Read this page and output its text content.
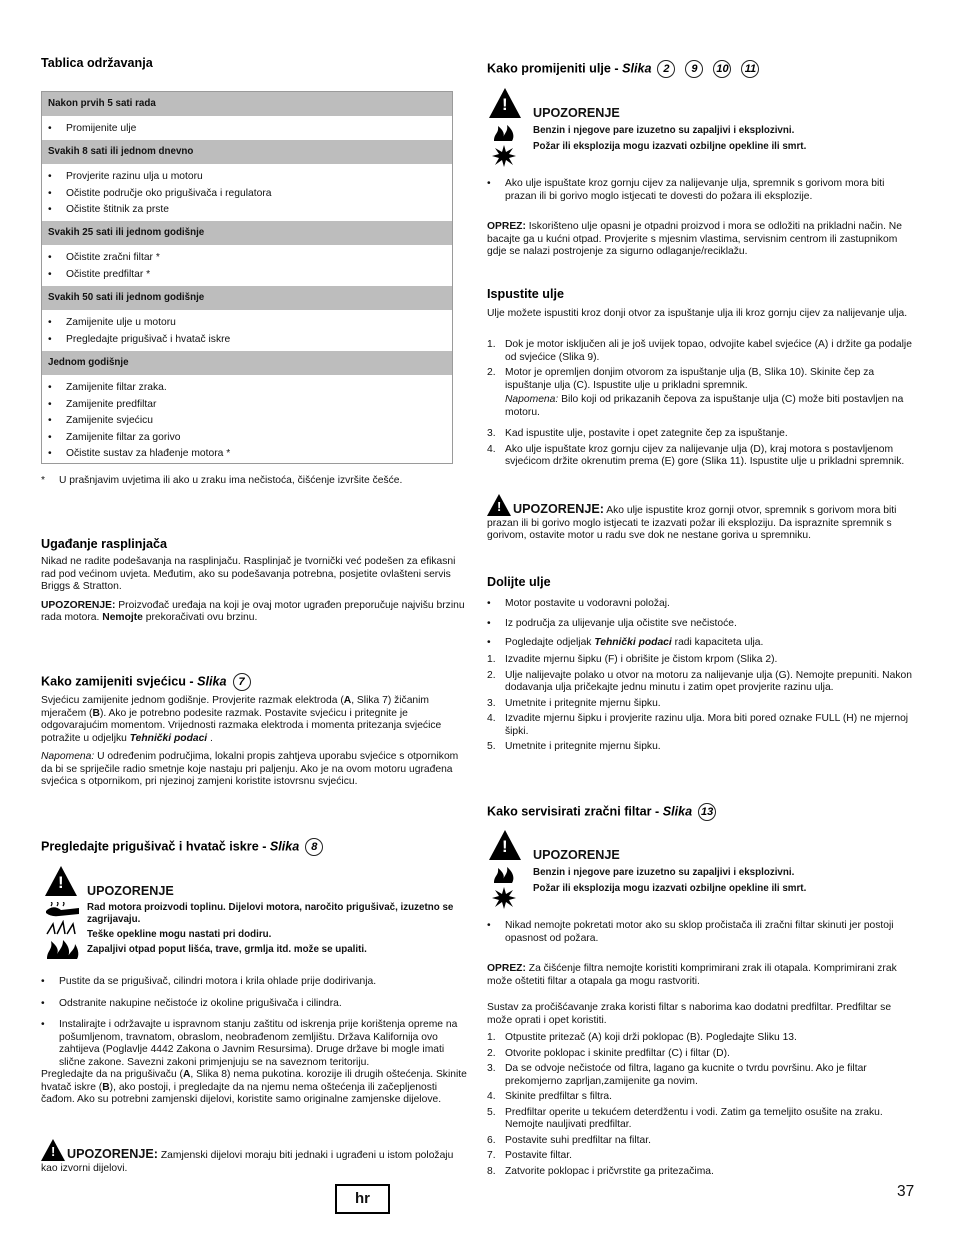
Tablica održavanja
Nakon prvih 5 sati rada
•	Promijenite ulje
Svakih 8 sati ili jednom dnevno
•	Provjerite razinu ulja u motoru
•	Očistite područje oko prigušivača i regulatora
•	Očistite štitnik za prste
Svakih 25 sati ili jednom godišnje
•	Očistite zračni filtar *
•	Očistite predfiltar *
Svakih 50 sati ili jednom godišnje
•	Zamijenite ulje u motoru
•	Pregledajte prigušivač i hvatač iskre
Jednom godišnje
•	Zamijenite filtar zraka.
•	Zamijenite predfiltar
•	Zamijenite svjećicu
•	Zamijenite filtar za gorivo
•	Očistite sustav za hlađenje motora *
*	U prašnjavim uvjetima ili ako u zraku ima nečistoća, čišćenje izvršite češće.
Ugađanje rasplinjača

Nikad ne radite podešavanja na rasplinjaču. Rasplinjač je tvornički već podešen za efikasni rad pod većinom uvjeta. Međutim, ako su podešavanja potrebna, posjetite ovlašteni servis Briggs & Stratton.

UPOZORENJE: Proizvođač uređaja na koji je ovaj motor ugrađen preporučuje najvišu brzinu rada motora. Nemojte prekoračivati ovu brzinu.

Kako zamijeniti svjećicu - Slika 7

Svjećicu zamijenite jednom godišnje. Provjerite razmak elektroda (A, Slika 7) žičanim mjeračem (B). Ako je potrebno podesite razmak. Postavite svjećicu i pritegnite je odgovarajućim momentom. Vrijednosti razmaka elektroda i momenta pritezanja svjećice potražite u odjeljku Tehnički podaci .

Napomena: U određenim područjima, lokalni propis zahtjeva uporabu svjećice s otpornikom da bi se spriječile radio smetnje koje nastaju pri paljenju. Ako je na ovom motoru ugrađena svjećica s otpornikom, pri njezinoj zamjeni koristite istovrsnu svjećicu.

Pregledajte prigušivač i hvatač iskre - Slika 8
! UPOZORENJE
Rad motora proizvodi toplinu. Dijelovi motora, naročito prigušivač, izuzetno se zagrijavaju.
Teške opekline mogu nastati pri dodiru.
Zapaljivi otpad poput lišća, trave, grmlja itd. može se upaliti.
•	Pustite da se prigušivač, cilindri motora i krila ohlade prije dodirivanja.
•	Odstranite nakupine nečistoće iz okoline prigušivača i cilindra.
•	Instalirajte i održavajte u ispravnom stanju zaštitu od iskrenja prije korištenja opreme na pošumljenom, travnatom, obraslom, neobrađenom zemljištu. Država Kalifornija ovo zahtijeva (Poglavlje 4442 Zakona o Javnim Resursima). Druge države bi mogle imati slične zakone. Savezni zakoni primjenjuju se na saveznom teritoriju.

Pregledajte da na prigušivaču (A, Slika 8) nema pukotina. korozije ili drugih oštećenja. Skinite hvatač iskre (B), ako postoji, i pregledajte da na njemu nema oštećenja ili začepljenosti čađom. Ako su potrebni zamjenski dijelovi, koristite samo originalne zamjenske dijelove.

! UPOZORENJE: Zamjenski dijelovi moraju biti jednaki i ugrađeni u istom položaju kao izvorni dijelovi.

Kako promijeniti ulje - Slika 2 9 10 11
! UPOZORENJE
Benzin i njegove pare izuzetno su zapaljivi i eksplozivni.
Požar ili eksplozija mogu izazvati ozbiljne opekline ili smrt.
•	Ako ulje ispuštate kroz gornju cijev za nalijevanje ulja, spremnik s gorivom mora biti prazan ili bi gorivo moglo istjecati te dovesti do požara ili eksplozije.

OPREZ: Iskorišteno ulje opasni je otpadni proizvod i mora se odložiti na prikladni način. Ne bacajte ga u kućni otpad. Provjerite s mjesnim vlastima, servisnim centrom ili zastupnikom gdje se nalazi postrojenje za sigurno odlaganje/reciklažu.

Ispustite ulje
Ulje možete ispustiti kroz donji otvor za ispuštanje ulja ili kroz gornju cijev za nalijevanje ulja.
1. Dok je motor isključen ali je još uvijek topao, odvojite kabel svjećice (A) i držite ga podalje od svjećice (Slika 9).
2. Motor je opremljen donjim otvorom za ispuštanje ulja (B, Slika 10). Skinite čep za ispuštanje ulja (C). Ispustite ulje u prikladni spremnik.
Napomena: Bilo koji od prikazanih čepova za ispuštanje ulja (C) može biti postavljen na motoru.
3. Kad ispustite ulje, postavite i opet zategnite čep za ispuštanje.
4. Ako ulje ispuštate kroz gornju cijev za nalijevanje ulja (D), kraj motora s postavljenom svjećicom držite okrenutim prema (E) gore (Slika 11). Ispustite ulje u prikladni spremnik.

! UPOZORENJE: Ako ulje ispustite kroz gornji otvor, spremnik s gorivom mora biti prazan ili bi gorivo moglo istjecati te izazvati požar ili eksploziju. Da ispraznite spremnik s gorivom, ostavite motor u radu sve dok ne nestane goriva u spremniku.

Dolijte ulje
•	Motor postavite u vodoravni položaj.
•	Iz područja za ulijevanje ulja očistite sve nečistoće.
•	Pogledajte odjeljak Tehnički podaci radi kapaciteta ulja.
1. Izvadite mjernu šipku (F) i obrišite je čistom krpom (Slika 2).
2. Ulje nalijevajte polako u otvor na motoru za nalijevanje ulja (G). Nemojte prepuniti. Nakon dodavanja ulja pričekajte jednu minutu i zatim opet provjerite razinu ulja.
3. Umetnite i pritegnite mjernu šipku.
4. Izvadite mjernu šipku i provjerite razinu ulja. Mora biti pored oznake FULL (H) ne mjernoj šipki.
5. Umetnite i pritegnite mjernu šipku.
Kako servisirati zračni filtar - Slika 13
! UPOZORENJE
Benzin i njegove pare izuzetno su zapaljivi i eksplozivni.
Požar ili eksplozija mogu izazvati ozbiljne opekline ili smrt.
•	Nikad nemojte pokretati motor ako su sklop pročistača ili zračni filtar skinuti jer postoji opasnost od požara.

OPREZ: Za čišćenje filtra nemojte koristiti komprimirani zrak ili otapala. Komprimirani zrak može oštetiti filtar a otapala ga mogu rastvoriti.

Sustav za pročišćavanje zraka koristi filtar s naborima kao dodatni predfiltar. Predfiltar se može oprati i opet koristiti.

1. Otpustite pritezač (A) koji drži poklopac (B). Pogledajte Sliku 13.
2. Otvorite poklopac i skinite predfiltar (C) i filtar (D).
3. Da se odvoje nečistoće od filtra, lagano ga kucnite o tvrdu površinu. Ako je filtar prekomjerno zaprljan,zamijenite ga novim.
4. Skinite predfiltar s filtra.
5. Predfiltar operite u tekućem deterdžentu i vodi. Zatim ga temeljito osušite na zraku. Nemojte nauljivati predfiltar.
6. Postavite suhi predfiltar na filtar.
7. Postavite filtar.
8. Zatvorite poklopac i pričvrstite ga pritezačima.
hr	37
